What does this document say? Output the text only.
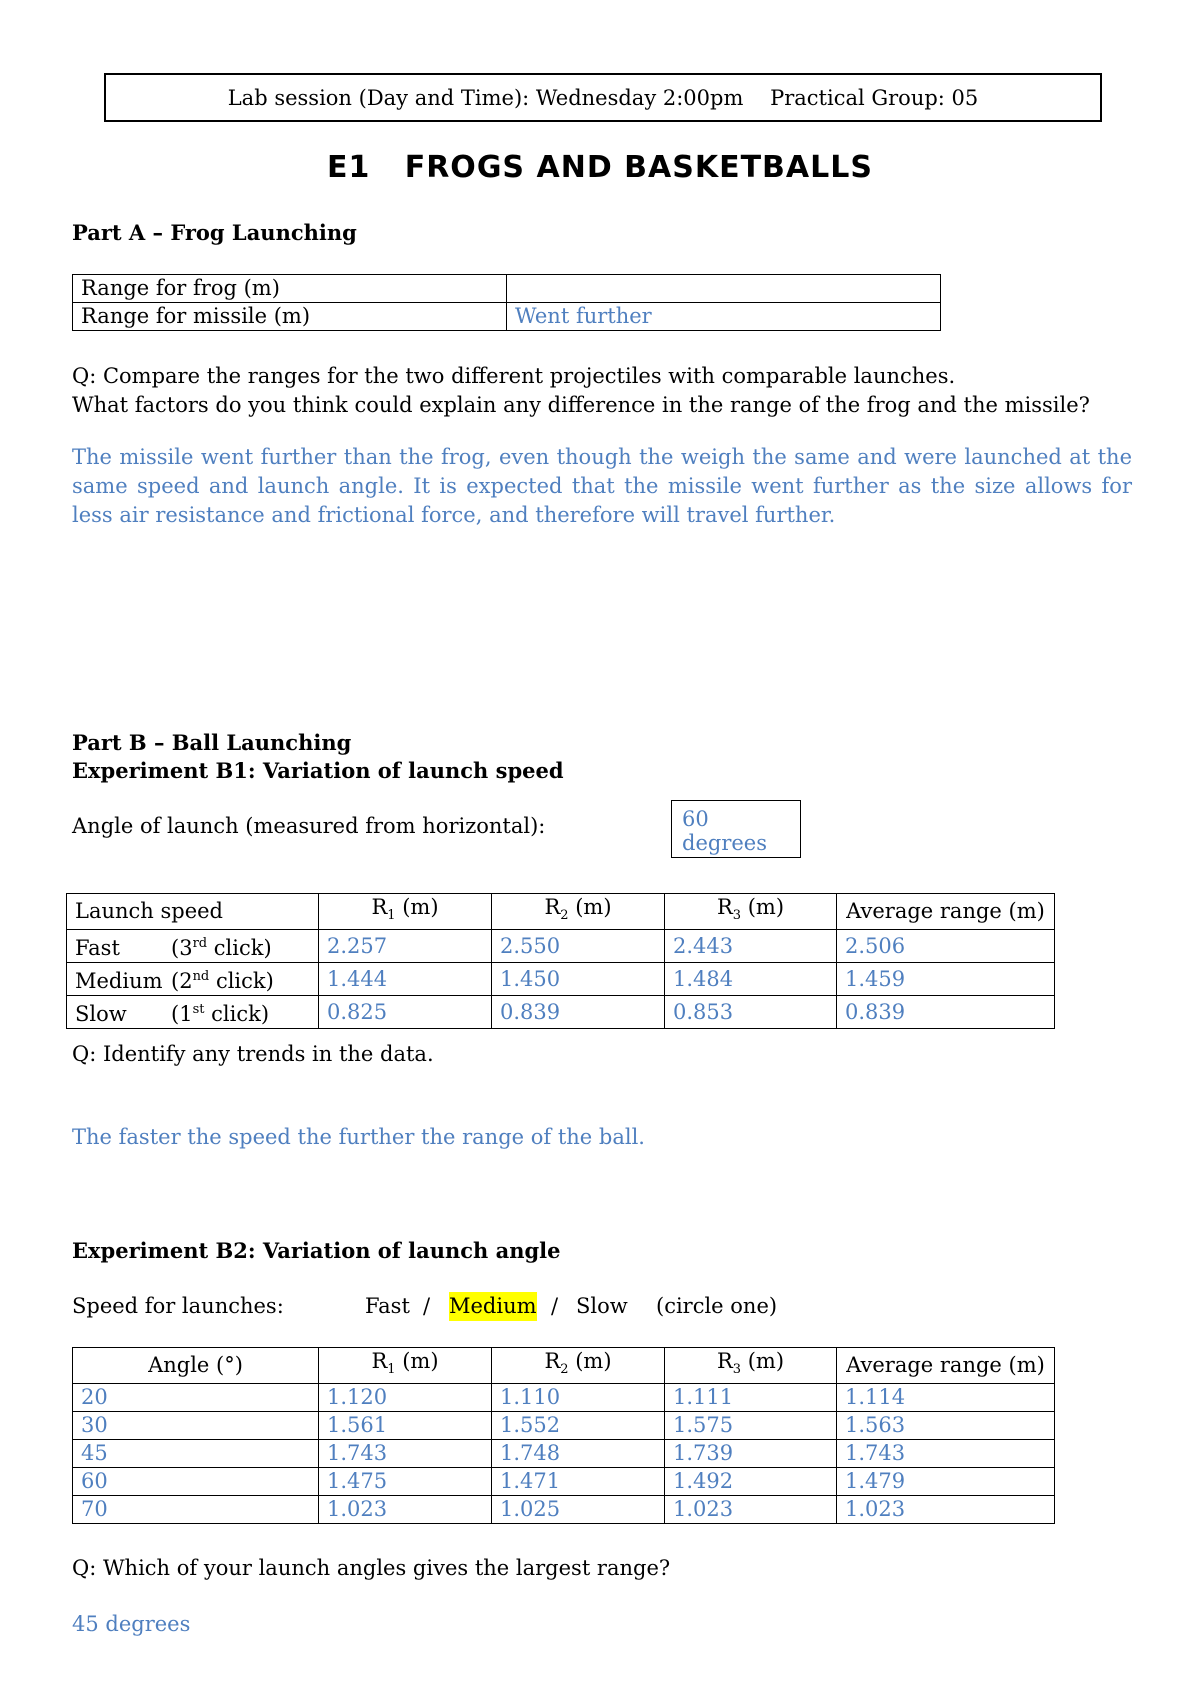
Lab session (Day and Time): Wednesday 2:00pm    Practical Group: 05
E1   FROGS AND BASKETBALLS
Part A – Frog Launching
Range for frog (m)	
Range for missile (m)	Went further
Q: Compare the ranges for the two different projectiles with comparable launches.
What factors do you think could explain any difference in the range of the frog and the missile?
The missile went further than the frog, even though the weigh the same and were launched at the same speed and launch angle. It is expected that the missile went further as the size allows for less air resistance and frictional force, and therefore will travel further.
Part B – Ball Launching
Experiment B1: Variation of launch speed
Angle of launch (measured from horizontal):	60 degrees
Launch speed	$R_1$ (m)	$R_2$ (m)	$R_3$ (m)	Average range (m)
Fast (3rd click)	2.257	2.550	2.443	2.506
Medium (2nd click)	1.444	1.450	1.484	1.459
Slow (1st click)	0.825	0.839	0.853	0.839
Q: Identify any trends in the data.
The faster the speed the further the range of the ball.
Experiment B2: Variation of launch angle
Speed for launches:	Fast / Medium / Slow (circle one)
Angle (°)	$R_1$ (m)	$R_2$ (m)	$R_3$ (m)	Average range (m)
20	1.120	1.110	1.111	1.114
30	1.561	1.552	1.575	1.563
45	1.743	1.748	1.739	1.743
60	1.475	1.471	1.492	1.479
70	1.023	1.025	1.023	1.023
Q: Which of your launch angles gives the largest range?
45 degrees
